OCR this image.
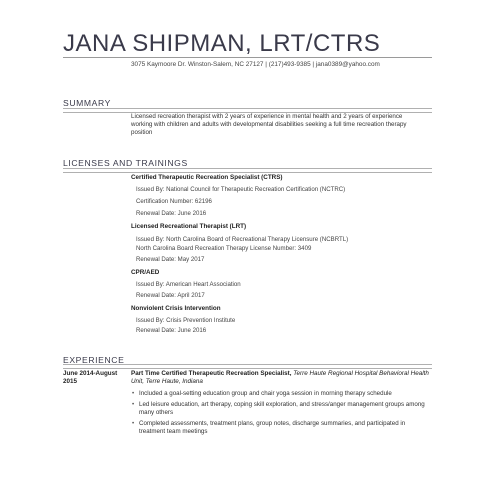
JANA SHIPMAN, LRT/CTRS
3075 Kaymoore Dr. Winston-Salem, NC 27127 | (217)493-9385 | jana0389@yahoo.com
SUMMARY
Licensed recreation therapist with 2 years of experience in mental health and 2 years of experience working with children and adults with developmental disabilities seeking a full time recreation therapy position
LICENSES AND TRAININGS
Certified Therapeutic Recreation Specialist (CTRS)
Issued By: National Council for Therapeutic Recreation Certification (NCTRC)
Certification Number: 62196
Renewal Date: June 2016
Licensed Recreational Therapist (LRT)
Issued By: North Carolina Board of Recreational Therapy Licensure (NCBRTL)
North Carolina Board Recreation Therapy License Number: 3409
Renewal Date: May 2017
CPR/AED
Issued By: American Heart Association
Renewal Date: April 2017
Nonviolent Crisis Intervention
Issued By: Crisis Prevention Institute
Renewal Date: June 2016
EXPERIENCE
June 2014-August 2015
Part Time Certified Therapeutic Recreation Specialist, Terre Haute Regional Hospital Behavioral Health Unit, Terre Haute, Indiana
• Included a goal-setting education group and chair yoga session in morning therapy schedule
• Led leisure education, art therapy, coping skill exploration, and stress/anger management groups among many others
• Completed assessments, treatment plans, group notes, discharge summaries, and participated in treatment team meetings
